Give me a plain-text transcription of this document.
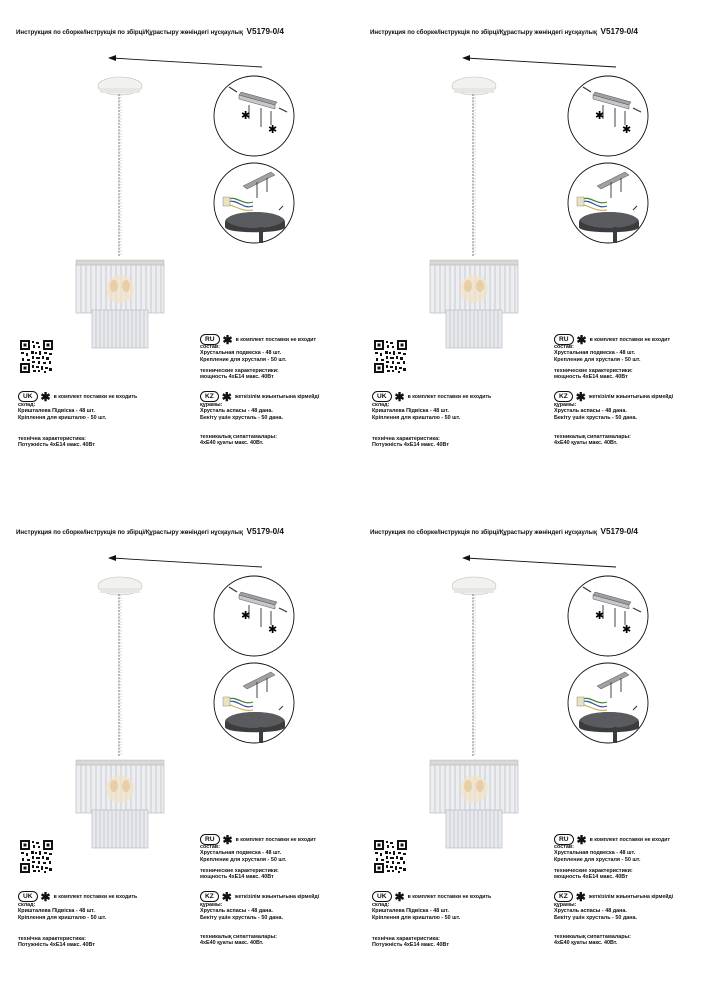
Инструкция по сборке/Інструкція по збірці/Құрастыру жөніндегі нұсқаулық V5179-0/4
✱
✱
RU ✱ в комплект поставки не входит
состав:
Хрустальная подвеска - 48 шт.
Крепление для хрусталя - 50 шт.
технические характеристики:
мощность 4хE14 макс. 40Вт
UK ✱ в комплект поставки не входить
склад:
Кришталева Підвіска - 48 шт.
Кріплення для кришталю - 50 шт.
технічна характеристика:
Потужність 4хE14 макс. 40Вт
KZ ✱ жеткізілім жиынтығына кірмейді
құрамы:
Хрусталь аспасы - 48 дана.
Бекіту үшін хрусталь - 50 дана.
техникалық сипаттамалары:
4хE40 қуаты макс. 40Вт.
Инструкция по сборке/Інструкція по збірці/Құрастыру жөніндегі нұсқаулық V5179-0/4
✱
✱
RU ✱ в комплект поставки не входит
состав:
Хрустальная подвеска - 48 шт.
Крепление для хрусталя - 50 шт.
технические характеристики:
мощность 4хE14 макс. 40Вт
UK ✱ в комплект поставки не входить
склад:
Кришталева Підвіска - 48 шт.
Кріплення для кришталю - 50 шт.
технічна характеристика:
Потужність 4хE14 макс. 40Вт
KZ ✱ жеткізілім жиынтығына кірмейді
құрамы:
Хрусталь аспасы - 48 дана.
Бекіту үшін хрусталь - 50 дана.
техникалық сипаттамалары:
4хE40 қуаты макс. 40Вт.
Инструкция по сборке/Інструкція по збірці/Құрастыру жөніндегі нұсқаулық V5179-0/4
✱
✱
RU ✱ в комплект поставки не входит
состав:
Хрустальная подвеска - 48 шт.
Крепление для хрусталя - 50 шт.
технические характеристики:
мощность 4хE14 макс. 40Вт
UK ✱ в комплект поставки не входить
склад:
Кришталева Підвіска - 48 шт.
Кріплення для кришталю - 50 шт.
технічна характеристика:
Потужність 4хE14 макс. 40Вт
KZ ✱ жеткізілім жиынтығына кірмейді
құрамы:
Хрусталь аспасы - 48 дана.
Бекіту үшін хрусталь - 50 дана.
техникалық сипаттамалары:
4хE40 қуаты макс. 40Вт.
Инструкция по сборке/Інструкція по збірці/Құрастыру жөніндегі нұсқаулық V5179-0/4
✱
✱
RU ✱ в комплект поставки не входит
состав:
Хрустальная подвеска - 48 шт.
Крепление для хрусталя - 50 шт.
технические характеристики:
мощность 4хE14 макс. 40Вт
UK ✱ в комплект поставки не входить
склад:
Кришталева Підвіска - 48 шт.
Кріплення для кришталю - 50 шт.
технічна характеристика:
Потужність 4хE14 макс. 40Вт
KZ ✱ жеткізілім жиынтығына кірмейді
құрамы:
Хрусталь аспасы - 48 дана.
Бекіту үшін хрусталь - 50 дана.
техникалық сипаттамалары:
4хE40 қуаты макс. 40Вт.
